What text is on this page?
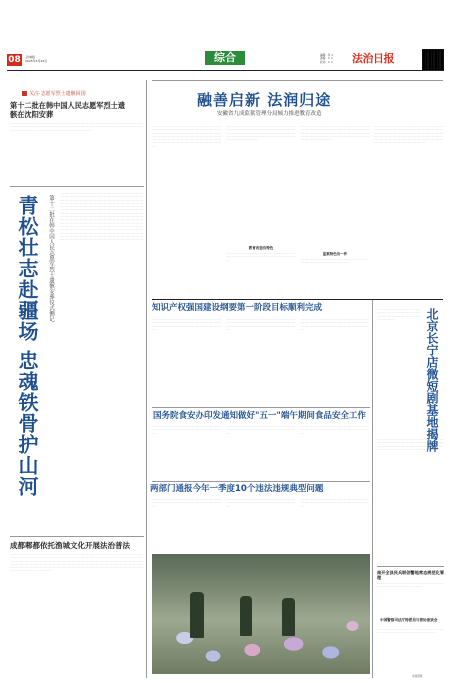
08	·县域版
2025年4月26日	综合	编辑：李 ×
美编：× ×
校对：× × 法治日报
关注·志愿军烈士遗骸回国
第十二批在韩中国人民志愿军烈士遗骸在沈阳安葬
········································································································································································································································································································································································································································
青松壮志赴疆场 忠魂铁骨护山河 第十二批在韩中国人民志愿军烈士遗骸安葬仪式侧记
············································································································································································································································································································································································································································································································································································································································································································································································································································································································································································································································································································································································································································································································································································································································································································································································
成都郫都依托渔城文化开展法治普法
····························································································································································································································································································································································································································································································································································································································································································································································································································································································
融善启新 法润归途
安徽省九成监狱管理分局倾力推进教育改造
······························································································································································································································································································································································································································································································································
教育改造有特色
······················································································································································································································································································································································································
············································································································································································
························································································································································································································································································································································································
监狱特色有一件
··············································································································································
··································································································································································································································································································································································································································································································
知识产权强国建设纲要第一阶段目标顺利完成
································································································································································································································································
································································································································································································································································
································································································································································································································································
国务院食安办印发通知做好"五一"端午期间食品安全工作
············································································································································································
············································································································································································
············································································································································································
两部门通报今年一季度10个违法违规典型问题
············································································································································································
············································································································································································
············································································································································································
北京长宁店微短剧基地揭牌
····················································································································································································
································································································································································································································································································································
南开全县民兵联创警地常态规范化管理
········································································································································
中国警察司法厅特派员与律协座谈会
························································································································································
责编整理
